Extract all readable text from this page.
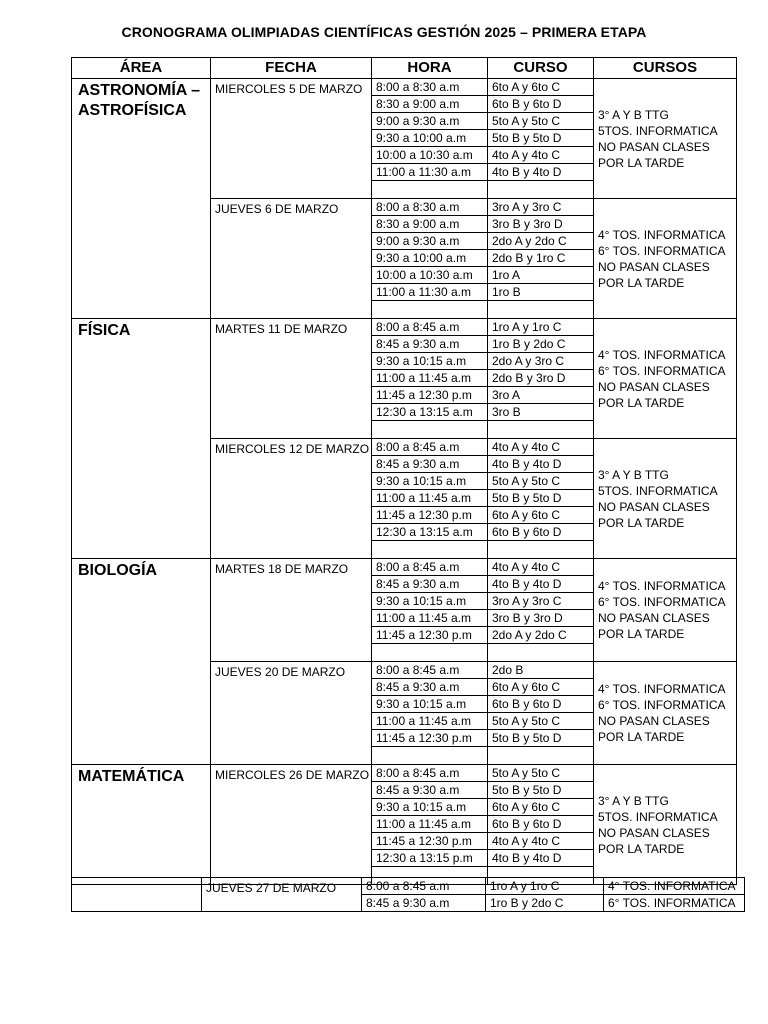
CRONOGRAMA OLIMPIADAS CIENTÍFICAS GESTIÓN 2025 – PRIMERA ETAPA
ÁREA	FECHA	HORA	CURSO	CURSOS
ASTRONOMÍA – ASTROFÍSICA	MIERCOLES 5 DE MARZO	8:00 a 8:30 a.m	6to A y 6to C	3° A Y B TTG
5TOS. INFORMATICA
NO PASAN CLASES POR LA TARDE

		8:30 a 9:00 a.m	6to B y 6to D	
		9:00 a 9:30 a.m	5to A y 5to C	
		9:30 a 10:00 a.m	5to B y 5to D	
		10:00 a 10:30 a.m	4to A y 4to C	
		11:00 a 11:30 a.m	4to B y 4to D	

	JUEVES 6 DE MARZO	8:00 a 8:30 a.m	3ro A y 3ro C	4° TOS. INFORMATICA
6° TOS. INFORMATICA
NO PASAN CLASES POR LA TARDE

		8:30 a 9:00 a.m	3ro B y 3ro D	
		9:00 a 9:30 a.m	2do A y 2do C	
		9:30 a 10:00 a.m	2do B y 1ro C	
		10:00 a 10:30 a.m	1ro A	
		11:00 a 11:30 a.m	1ro B	

FÍSICA	MARTES 11 DE MARZO	8:00 a 8:45 a.m	1ro A y 1ro C	4° TOS. INFORMATICA
6° TOS. INFORMATICA
NO PASAN CLASES POR LA TARDE

		8:45 a 9:30 a.m	1ro B y 2do C	
		9:30 a 10:15 a.m	2do A y 3ro C	
		11:00 a 11:45 a.m	2do B y 3ro D	
		11:45 a 12:30 p.m	3ro A	
		12:30 a 13:15 a.m	3ro B	

	MIERCOLES 12 DE MARZO	8:00 a 8:45 a.m	4to A y 4to C	3° A Y B TTG
5TOS. INFORMATICA
NO PASAN CLASES POR LA TARDE

		8:45 a 9:30 a.m	4to B y 4to D	
		9:30 a 10:15 a.m	5to A y 5to C	
		11:00 a 11:45 a.m	5to B y 5to D	
		11:45 a 12:30 p.m	6to A y 6to C	
		12:30 a 13:15 a.m	6to B y 6to D	

BIOLOGÍA	MARTES 18 DE MARZO	8:00 a 8:45 a.m	4to A y 4to C	4° TOS. INFORMATICA
6° TOS. INFORMATICA
NO PASAN CLASES POR LA TARDE

		8:45 a 9:30 a.m	4to B y 4to D	
		9:30 a 10:15 a.m	3ro A y 3ro C	
		11:00 a 11:45 a.m	3ro B y 3ro D	
		11:45 a 12:30 p.m	2do A y 2do C	

	JUEVES 20 DE MARZO	8:00 a 8:45 a.m	2do B	4° TOS. INFORMATICA
6° TOS. INFORMATICA
NO PASAN CLASES POR LA TARDE

		8:45 a 9:30 a.m	6to A y 6to C	
		9:30 a 10:15 a.m	6to B y 6to D	
		11:00 a 11:45 a.m	5to A y 5to C	
		11:45 a 12:30 p.m	5to B y 5to D	

MATEMÁTICA	MIERCOLES 26 DE MARZO	8:00 a 8:45 a.m	5to A y 5to C	3° A Y B TTG
5TOS. INFORMATICA
NO PASAN CLASES POR LA TARDE

		8:45 a 9:30 a.m	5to B y 5to D	
		9:30 a 10:15 a.m	6to A y 6to C	
		11:00 a 11:45 a.m	6to B y 6to D	
		11:45 a 12:30 p.m	4to A y 4to C	
		12:30 a 13:15 p.m	4to B y 4to D	

	JUEVES 27 DE MARZO	8:00 a 8:45 a.m	1ro A y 1ro C	4° TOS. INFORMATICA
		8:45 a 9:30 a.m	1ro B y 2do C	6° TOS. INFORMATICA
